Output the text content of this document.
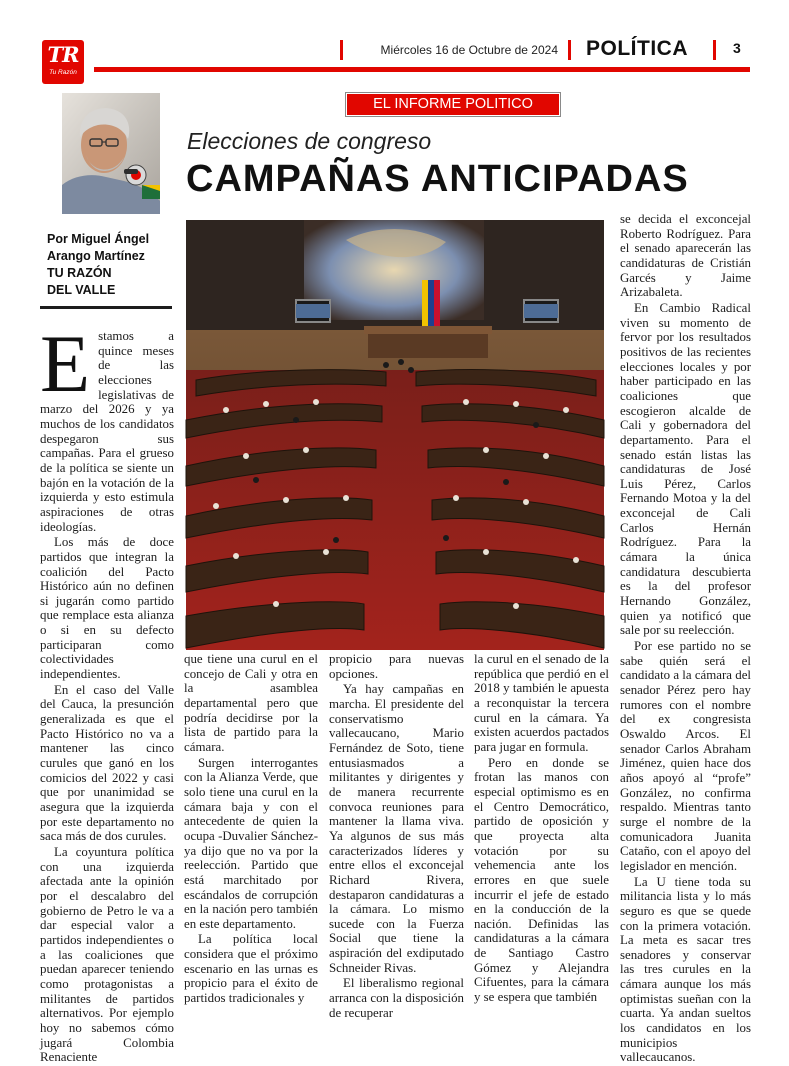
TR
Tu Razón
Miércoles 16 de Octubre de 2024 POLÍTICA	3
Por Miguel Ángel
Arango Martínez
TU RAZÓN
DEL VALLE
EL INFORME POLITICO
Elecciones de congreso
CAMPAÑAS ANTICIPADAS

Estamos a quince meses de las elecciones legislativas de marzo del 2026 y ya muchos de los candidatos despegaron sus campañas. Para el grueso de la política se siente un bajón en la votación de la izquierda y esto estimula aspiraciones de otras ideologías.

Los más de doce partidos que integran la coalición del Pacto Histórico aún no definen si jugarán como partido que remplace esta alianza o si en su defecto participaran como colectividades independientes.

En el caso del Valle del Cauca, la presunción generalizada es que el Pacto Histórico no va a mantener las cinco curules que ganó en los comicios del 2022 y casi que por unanimidad se asegura que la izquierda por este departamento no saca más de dos curules.

La coyuntura política con una izquierda afectada ante la opinión por el descalabro del gobierno de Petro le va a dar especial valor a partidos independientes o a las coaliciones que puedan aparecer teniendo como protagonistas a militantes de partidos alternativos. Por ejemplo hoy no sabemos cómo jugará Colombia Renaciente

que tiene una curul en el concejo de Cali y otra en la asamblea departamental pero que podría decidirse por la lista de partido para la cámara.

Surgen interrogantes con la Alianza Verde, que solo tiene una curul en la cámara baja y con el antecedente de quien la ocupa -Duvalier Sánchez- ya dijo que no va por la reelección. Partido que está marchitado por escándalos de corrupción en la nación pero también en este departamento.

La política local considera que el próximo escenario en las urnas es propicio para el éxito de partidos tradicionales y

propicio para nuevas opciones.

Ya hay campañas en marcha. El presidente del conservatismo vallecaucano, Mario Fernández de Soto, tiene entusiasmados a militantes y dirigentes y de manera recurrente convoca reuniones para mantener la llama viva. Ya algunos de sus más caracterizados líderes y entre ellos el exconcejal Richard Rivera, destaparon candidaturas a la cámara. Lo mismo sucede con la Fuerza Social que tiene la aspiración del exdiputado Schneider Rivas.

El liberalismo regional arranca con la disposición de recuperar

la curul en el senado de la república que perdió en el 2018 y también le apuesta a reconquistar la tercera curul en la cámara. Ya existen acuerdos pactados para jugar en formula.

Pero en donde se frotan las manos con especial optimismo es en el Centro Democrático, partido de oposición y que proyecta alta votación por su vehemencia ante los errores en que suele incurrir el jefe de estado en la conducción de la nación. Definidas las candidaturas a la cámara de Santiago Castro Gómez y Alejandra Cifuentes, para la cámara y se espera que también

se decida el exconcejal Roberto Rodríguez. Para el senado aparecerán las candidaturas de Cristián Garcés y Jaime Arizabaleta.

En Cambio Radical viven su momento de fervor por los resultados positivos de las recientes elecciones locales y por haber participado en las coaliciones que escogieron alcalde de Cali y gobernadora del departamento. Para el senado están listas las candidaturas de José Luis Pérez, Carlos Fernando Motoa y la del exconcejal de Cali Carlos Hernán Rodríguez. Para la cámara la única candidatura descubierta es la del profesor Hernando González, quien ya notificó que sale por su reelección.

Por ese partido no se sabe quién será el candidato a la cámara del senador Pérez pero hay rumores con el nombre del ex congresista Oswaldo Arcos. El senador Carlos Abraham Jiménez, quien hace dos años apoyó al “profe” González, no confirma respaldo. Mientras tanto surge el nombre de la comunicadora Juanita Cataño, con el apoyo del legislador en mención.

La U tiene toda su militancia lista y lo más seguro es que se quede con la primera votación. La meta es sacar tres senadores y conservar las tres curules en la cámara aunque los más optimistas sueñan con la cuarta. Ya andan sueltos los candidatos en los municipios vallecaucanos.
